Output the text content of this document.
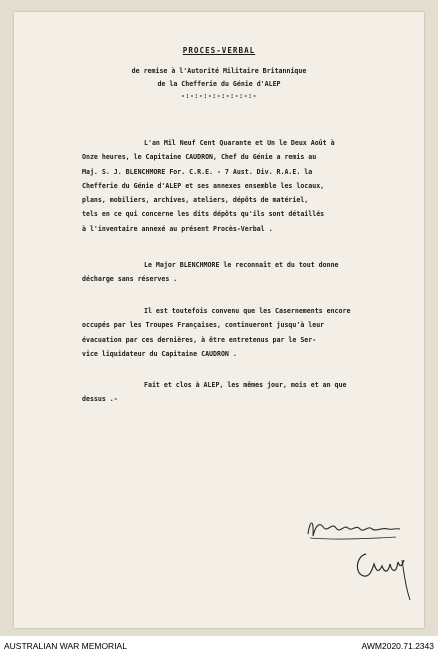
PROCES-VERBAL
de remise à l'Autorité Militaire Britannique
de la Chefferie du Génie d'ALEP
-:-:-:-:-:-:-:-:-
L'an Mil Neuf Cent Quarante et Un le Deux Août à
Onze heures, le Capitaine CAUDRON, Chef du Génie a remis au
Maj. S. J. BLENCHMORE For. C.R.E. - 7 Aust. Div. R.A.E. la
Chefferie du Génie d'ALEP et ses annexes ensemble les locaux,
plans, mobiliers, archives, ateliers, dépôts de matériel,
tels en ce qui concerne les dits dépôts qu'ils sont détaillés
à l'inventaire annexé au présent Procès-Verbal .
Le Major BLENCHMORE le reconnaît et du tout donne
décharge sans réserves .
Il est toutefois convenu que les Casernements encore
occupés par les Troupes Françaises, continueront jusqu'à leur
évacuation par ces dernières, à être entretenus par le Ser-
vice liquidateur du Capitaine CAUDRON .
Fait et clos à ALEP, les mêmes jour, mois et an que
dessus .-
AUSTRALIAN WAR MEMORIAL	AWM2020.71.2343
